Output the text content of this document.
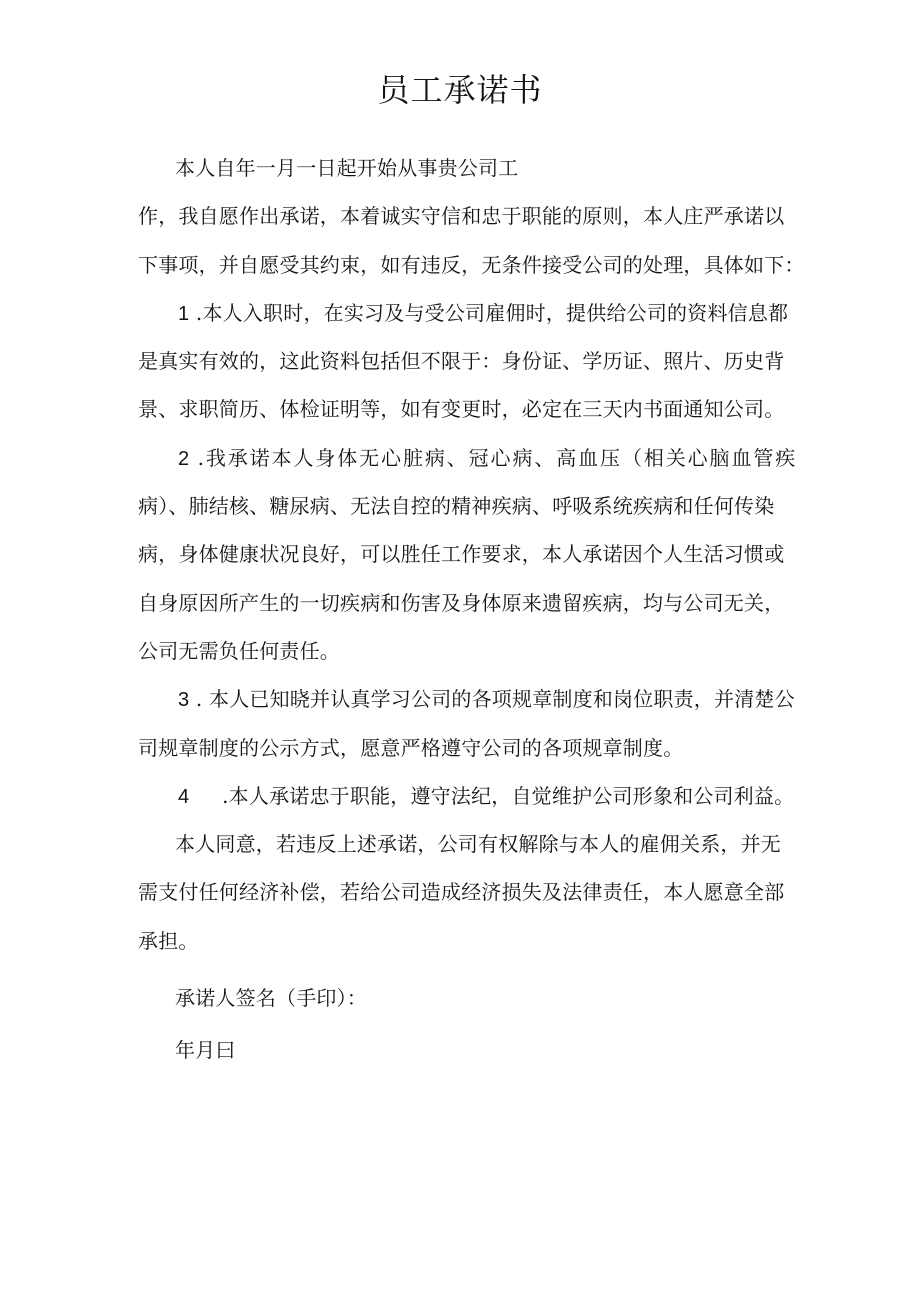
员工承诺书
本人自年一月一日起开始从事贵公司工
作，我自愿作出承诺，本着诚实守信和忠于职能的原则，本人庄严承诺以
下事项，并自愿受其约束，如有违反，无条件接受公司的处理，具体如下：
1 .本人入职时，在实习及与受公司雇佣时，提供给公司的资料信息都
是真实有效的，这此资料包括但不限于：身份证、学历证、照片、历史背
景、求职简历、体检证明等，如有变更时，必定在三天内书面通知公司。
2 .我承诺本人身体无心脏病、冠心病、高血压（相关心脑血管疾
病）、肺结核、糖尿病、无法自控的精神疾病、呼吸系统疾病和任何传染
病，身体健康状况良好，可以胜任工作要求，本人承诺因个人生活习惯或
自身原因所产生的一切疾病和伤害及身体原来遗留疾病，均与公司无关，
公司无需负任何责任。
3 . 本人已知晓并认真学习公司的各项规章制度和岗位职责，并清楚公
司规章制度的公示方式，愿意严格遵守公司的各项规章制度。
4     .本人承诺忠于职能，遵守法纪，自觉维护公司形象和公司利益。
本人同意，若违反上述承诺，公司有权解除与本人的雇佣关系，并无
需支付任何经济补偿，若给公司造成经济损失及法律责任，本人愿意全部
承担。
承诺人签名（手印）：
年月曰
